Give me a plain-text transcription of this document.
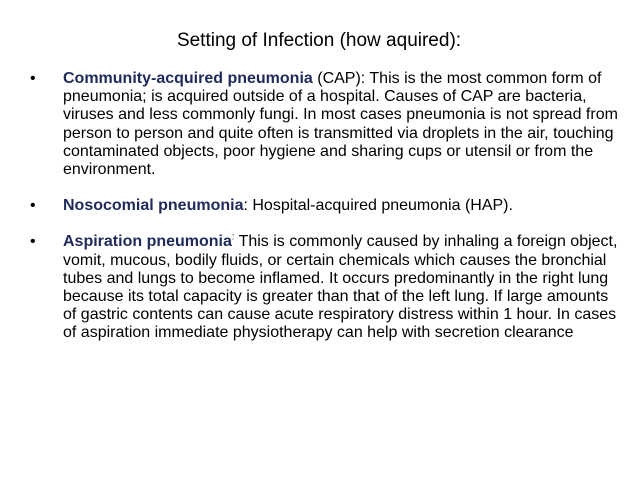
Setting of Infection (how aquired):
• Community-acquired pneumonia (CAP): This is the most common form of pneumonia; is acquired outside of a hospital. Causes of CAP are bacteria, viruses and less commonly fungi. In most cases pneumonia is not spread from person to person and quite often is transmitted via droplets in the air, touching contaminated objects, poor hygiene and sharing cups or utensil or from the environment.
• Nosocomial pneumonia: Hospital-acquired pneumonia (HAP).
• Aspiration pneumonia: This is commonly caused by inhaling a foreign object, vomit, mucous, bodily fluids, or certain chemicals which causes the bronchial tubes and lungs to become inflamed. It occurs predominantly in the right lung because its total capacity is greater than that of the left lung. If large amounts of gastric contents can cause acute respiratory distress within 1 hour. In cases of aspiration immediate physiotherapy can help with secretion clearance
